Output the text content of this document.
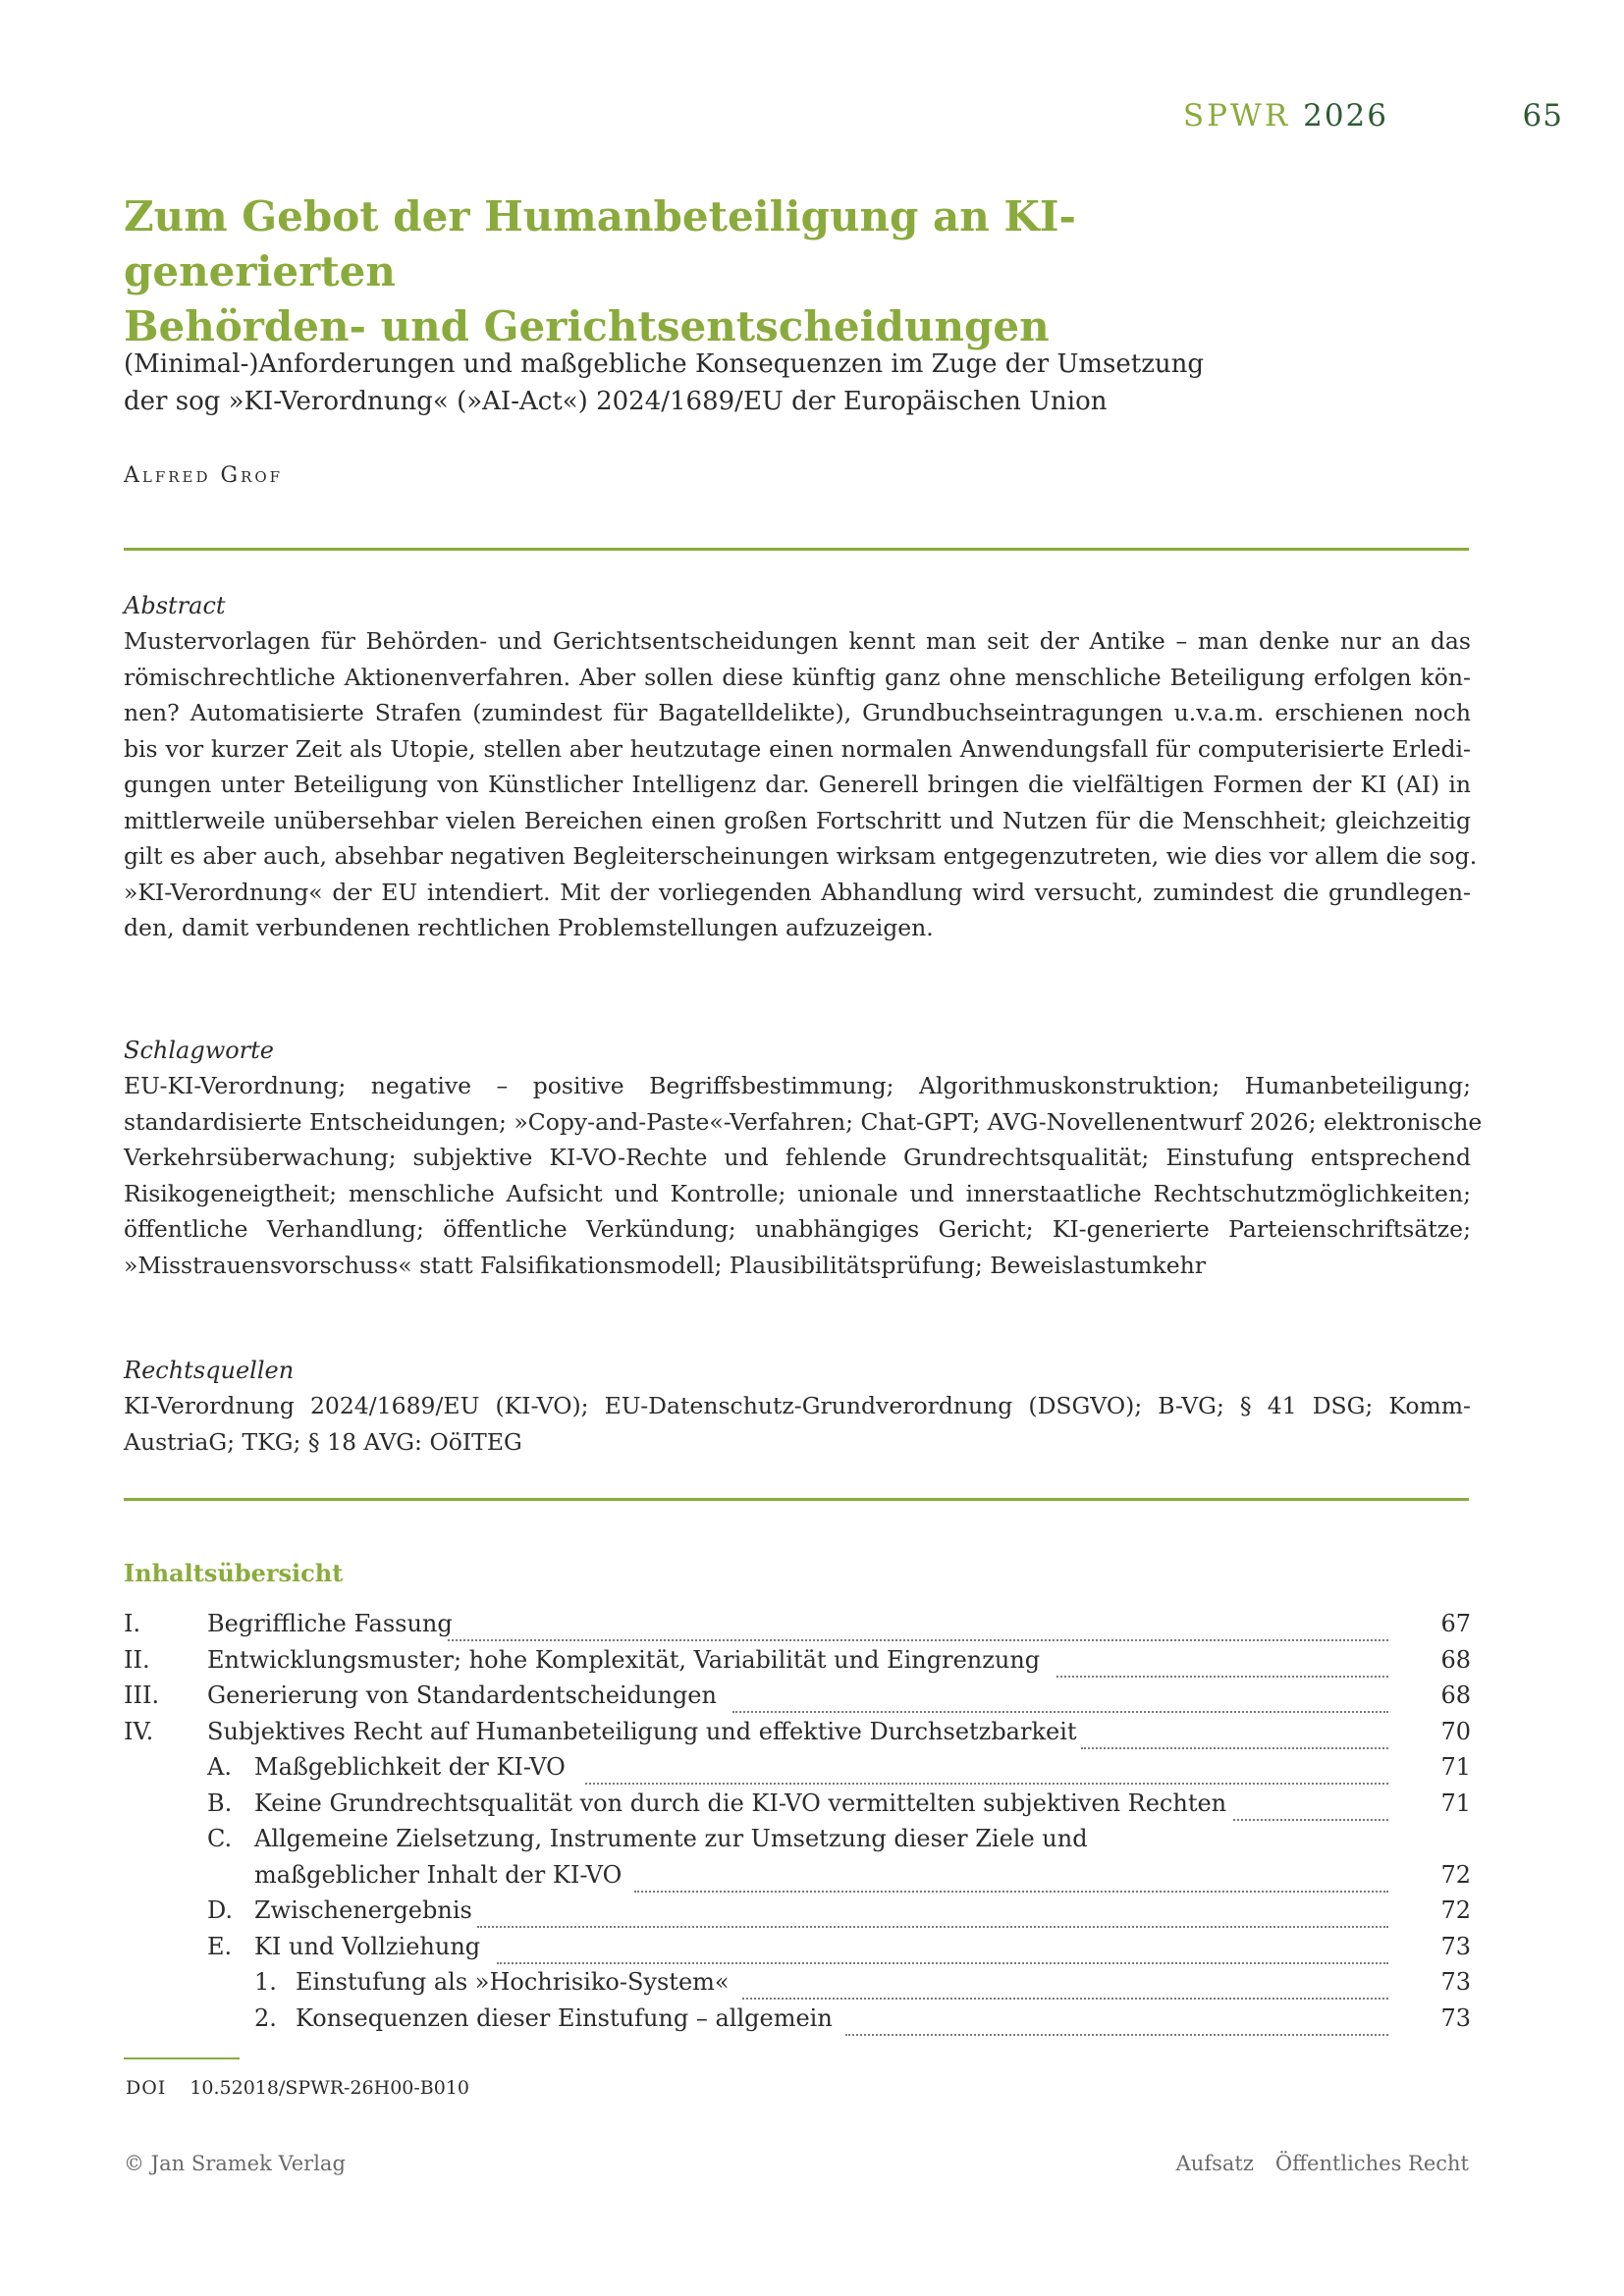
SPWR 2026	65
Zum Gebot der Humanbeteiligung an KI-generierten
Behörden- und Gerichtsentscheidungen
(Minimal-)Anforderungen und maßgebliche Konsequenzen im Zuge der Umsetzung
der sog »KI-Verordnung« (»AI-Act«) 2024/1689/EU der Europäischen Union
Alfred Grof
Abstract
Mustervorlagen für Behörden- und Gerichtsentscheidungen kennt man seit der Antike – man denke nur an das
römischrechtliche Aktionenverfahren. Aber sollen diese künftig ganz ohne menschliche Beteiligung erfolgen kön-
nen? Automatisierte Strafen (zumindest für Bagatelldelikte), Grundbuchseintragungen u.v.a.m. erschienen noch
bis vor kurzer Zeit als Utopie, stellen aber heutzutage einen normalen Anwendungsfall für computerisierte Erledi-
gungen unter Beteiligung von Künstlicher Intelligenz dar. Generell bringen die vielfältigen Formen der KI (AI) in
mittlerweile unübersehbar vielen Bereichen einen großen Fortschritt und Nutzen für die Menschheit; gleichzeitig
gilt es aber auch, absehbar negativen Begleiterscheinungen wirksam entgegenzutreten, wie dies vor allem die sog.
»KI-Verordnung« der EU intendiert. Mit der vorliegenden Abhandlung wird versucht, zumindest die grundlegen-
den, damit verbundenen rechtlichen Problemstellungen aufzuzeigen.
Schlagworte
EU-KI-Verordnung; negative – positive Begriffsbestimmung; Algorithmuskonstruktion; Humanbeteiligung;
standardisierte Entscheidungen; »Copy-and-Paste«-Verfahren; Chat-GPT; AVG-Novellenentwurf 2026; elektronische
Verkehrsüberwachung; subjektive KI-VO-Rechte und fehlende Grundrechtsqualität; Einstufung entsprechend
Risikogeneigtheit; menschliche Aufsicht und Kontrolle; unionale und innerstaatliche Rechtschutzmöglichkeiten;
öffentliche Verhandlung; öffentliche Verkündung; unabhängiges Gericht; KI-generierte Parteienschriftsätze;
»Misstrauensvorschuss« statt Falsifikationsmodell; Plausibilitätsprüfung; Beweislastumkehr
Rechtsquellen
KI-Verordnung 2024/1689/EU (KI-VO); EU-Datenschutz-Grundverordnung (DSGVO); B-VG; § 41 DSG; Komm-
AustriaG; TKG; § 18 AVG: OöITEG
Inhaltsübersicht
I.	Begriffliche Fassung	67
II. Entwicklungsmuster; hohe Komplexität, Variabilität und Eingrenzung	68
III. Generierung von Standardentscheidungen	68
IV. Subjektives Recht auf Humanbeteiligung und effektive Durchsetzbarkeit	70
A. Maßgeblichkeit der KI-VO	71
B. Keine Grundrechtsqualität von durch die KI-VO vermittelten subjektiven Rechten	71
C. Allgemeine Zielsetzung, Instrumente zur Umsetzung dieser Ziele und
maßgeblicher Inhalt der KI-VO	72
D. Zwischenergebnis	72
E. KI und Vollziehung	73
1. Einstufung als »Hochrisiko-System«	73
2. Konsequenzen dieser Einstufung – allgemein	73
DOI 10.52018/SPWR-26H00-B010
© Jan Sramek Verlag	Aufsatz Öffentliches Recht
